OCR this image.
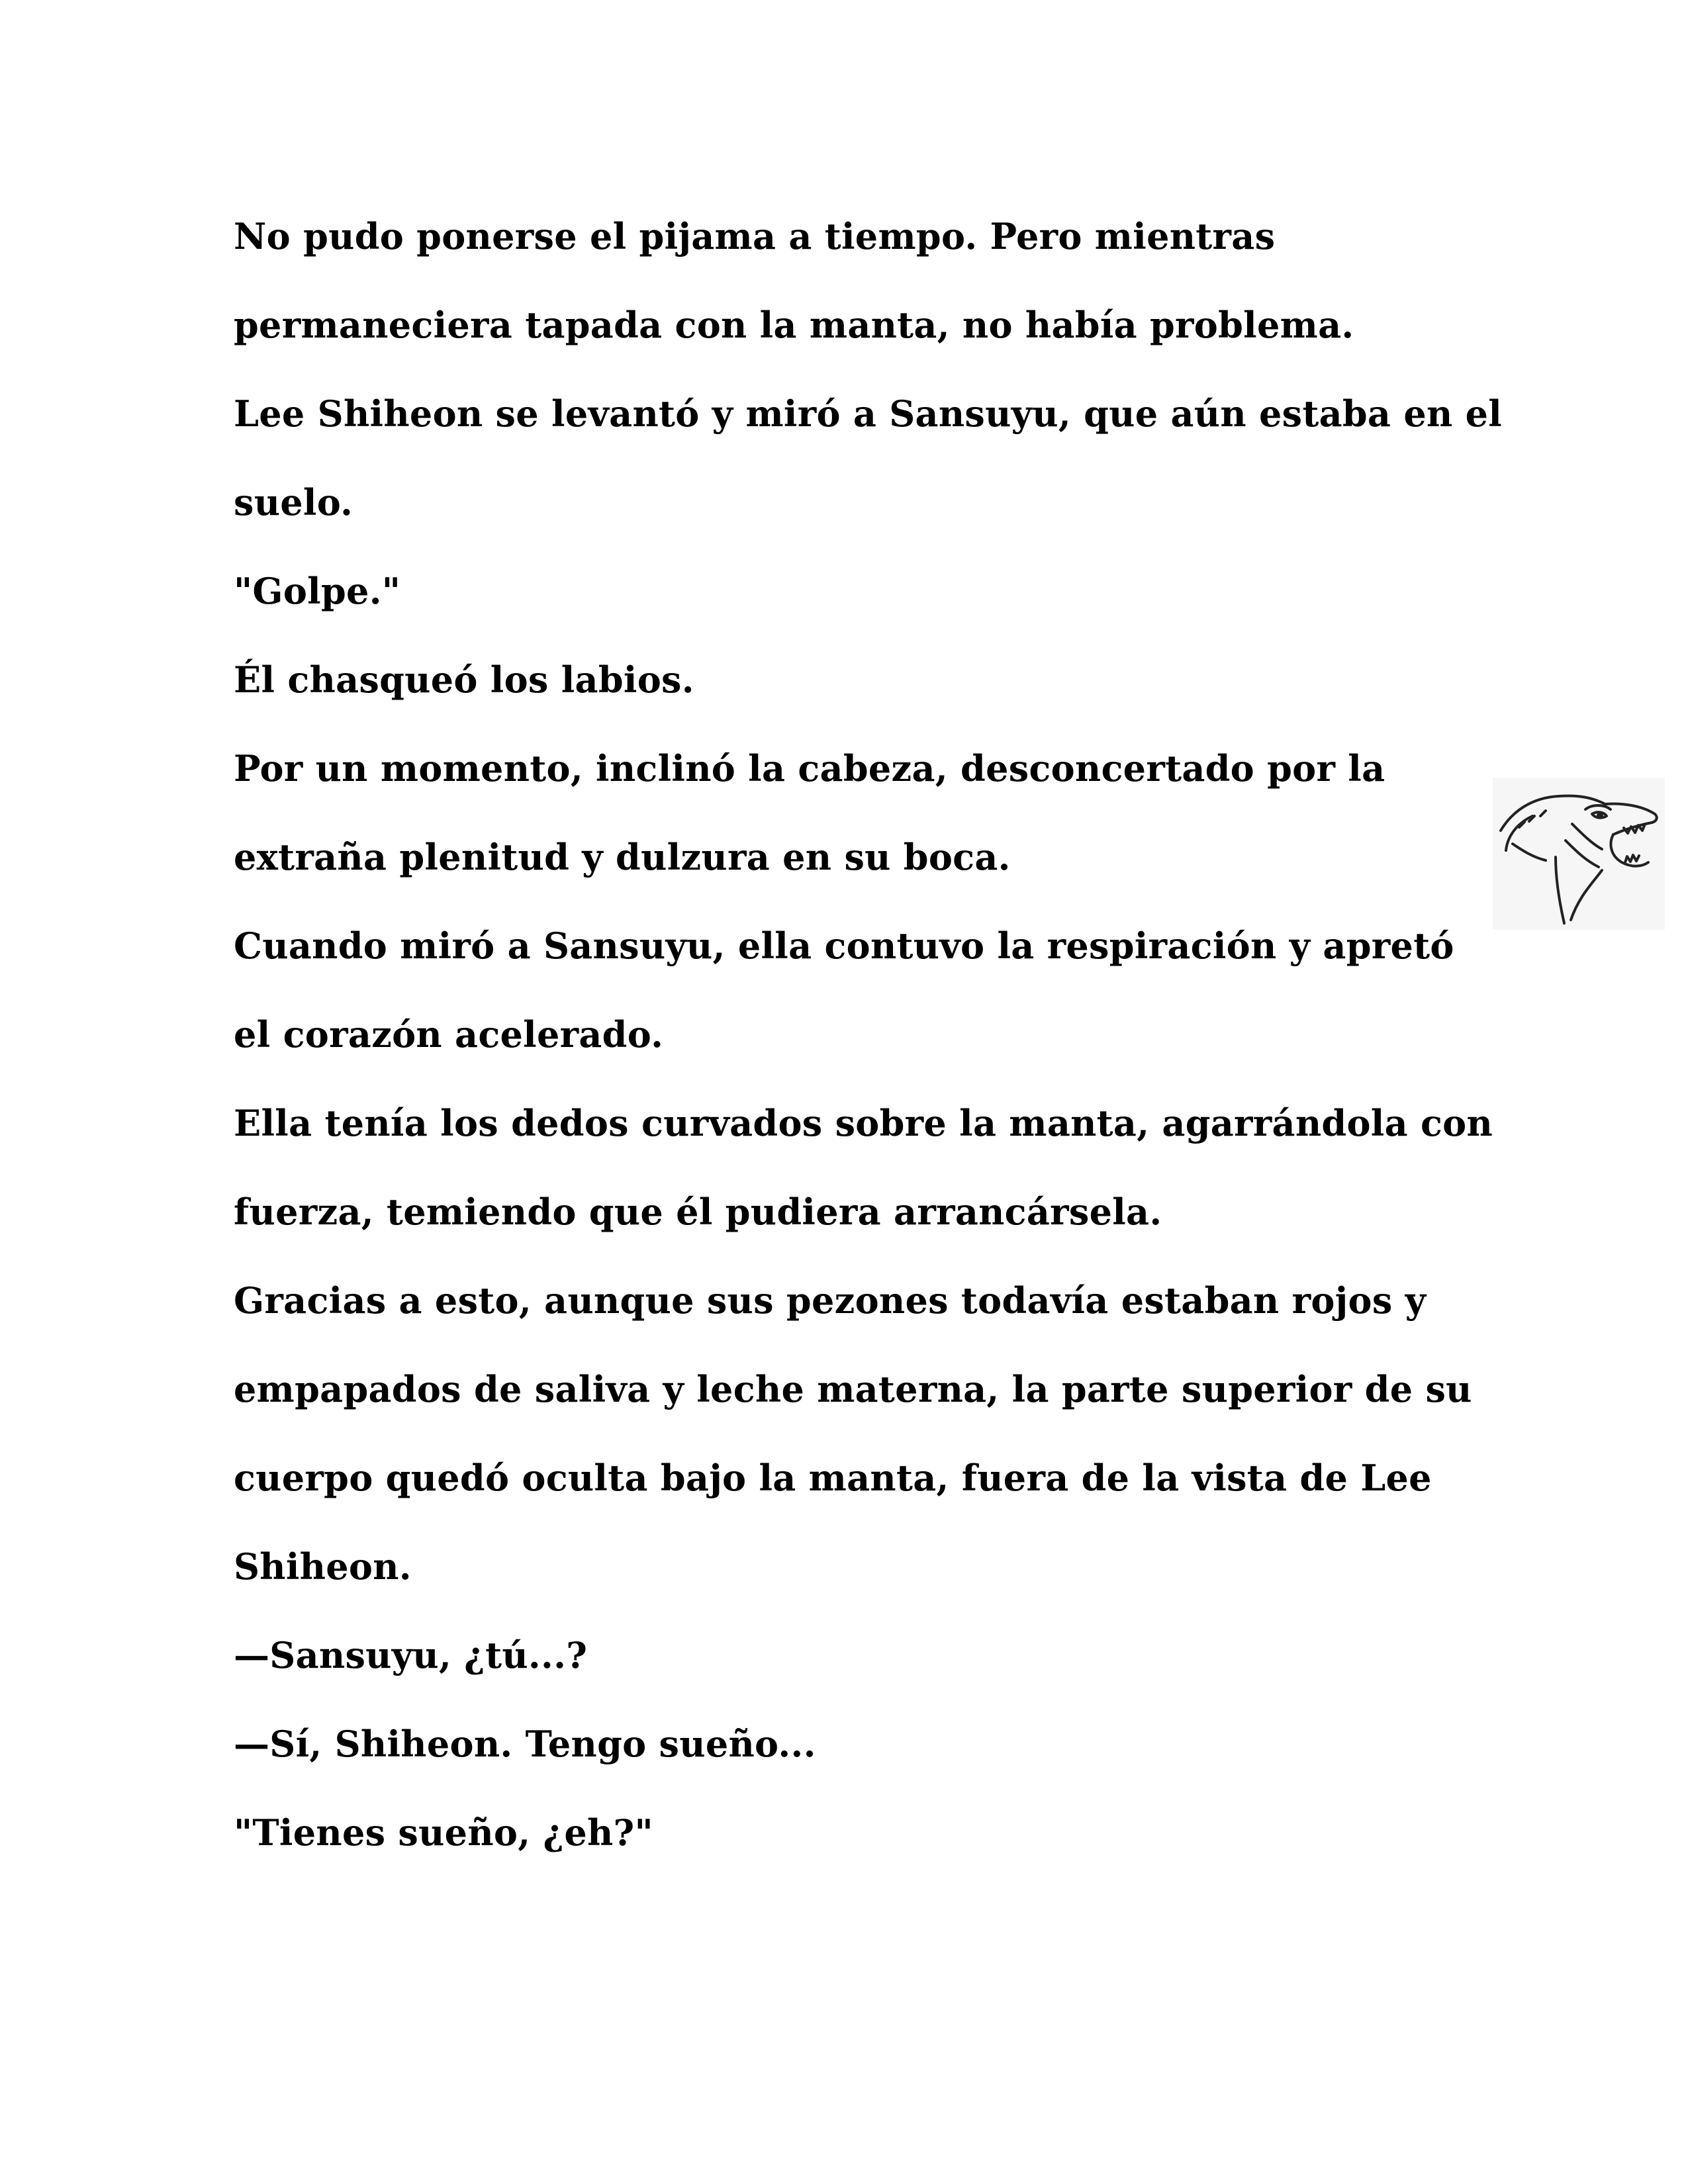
No pudo ponerse el pijama a tiempo. Pero mientras
permaneciera tapada con la manta, no había problema.
Lee Shiheon se levantó y miró a Sansuyu, que aún estaba en el
suelo.
"Golpe."
Él chasqueó los labios.
Por un momento, inclinó la cabeza, desconcertado por la
extraña plenitud y dulzura en su boca.
Cuando miró a Sansuyu, ella contuvo la respiración y apretó
el corazón acelerado.
Ella tenía los dedos curvados sobre la manta, agarrándola con
fuerza, temiendo que él pudiera arrancársela.
Gracias a esto, aunque sus pezones todavía estaban rojos y
empapados de saliva y leche materna, la parte superior de su
cuerpo quedó oculta bajo la manta, fuera de la vista de Lee
Shiheon.
—Sansuyu, ¿tú...?
—Sí, Shiheon. Tengo sueño...
"Tienes sueño, ¿eh?"
